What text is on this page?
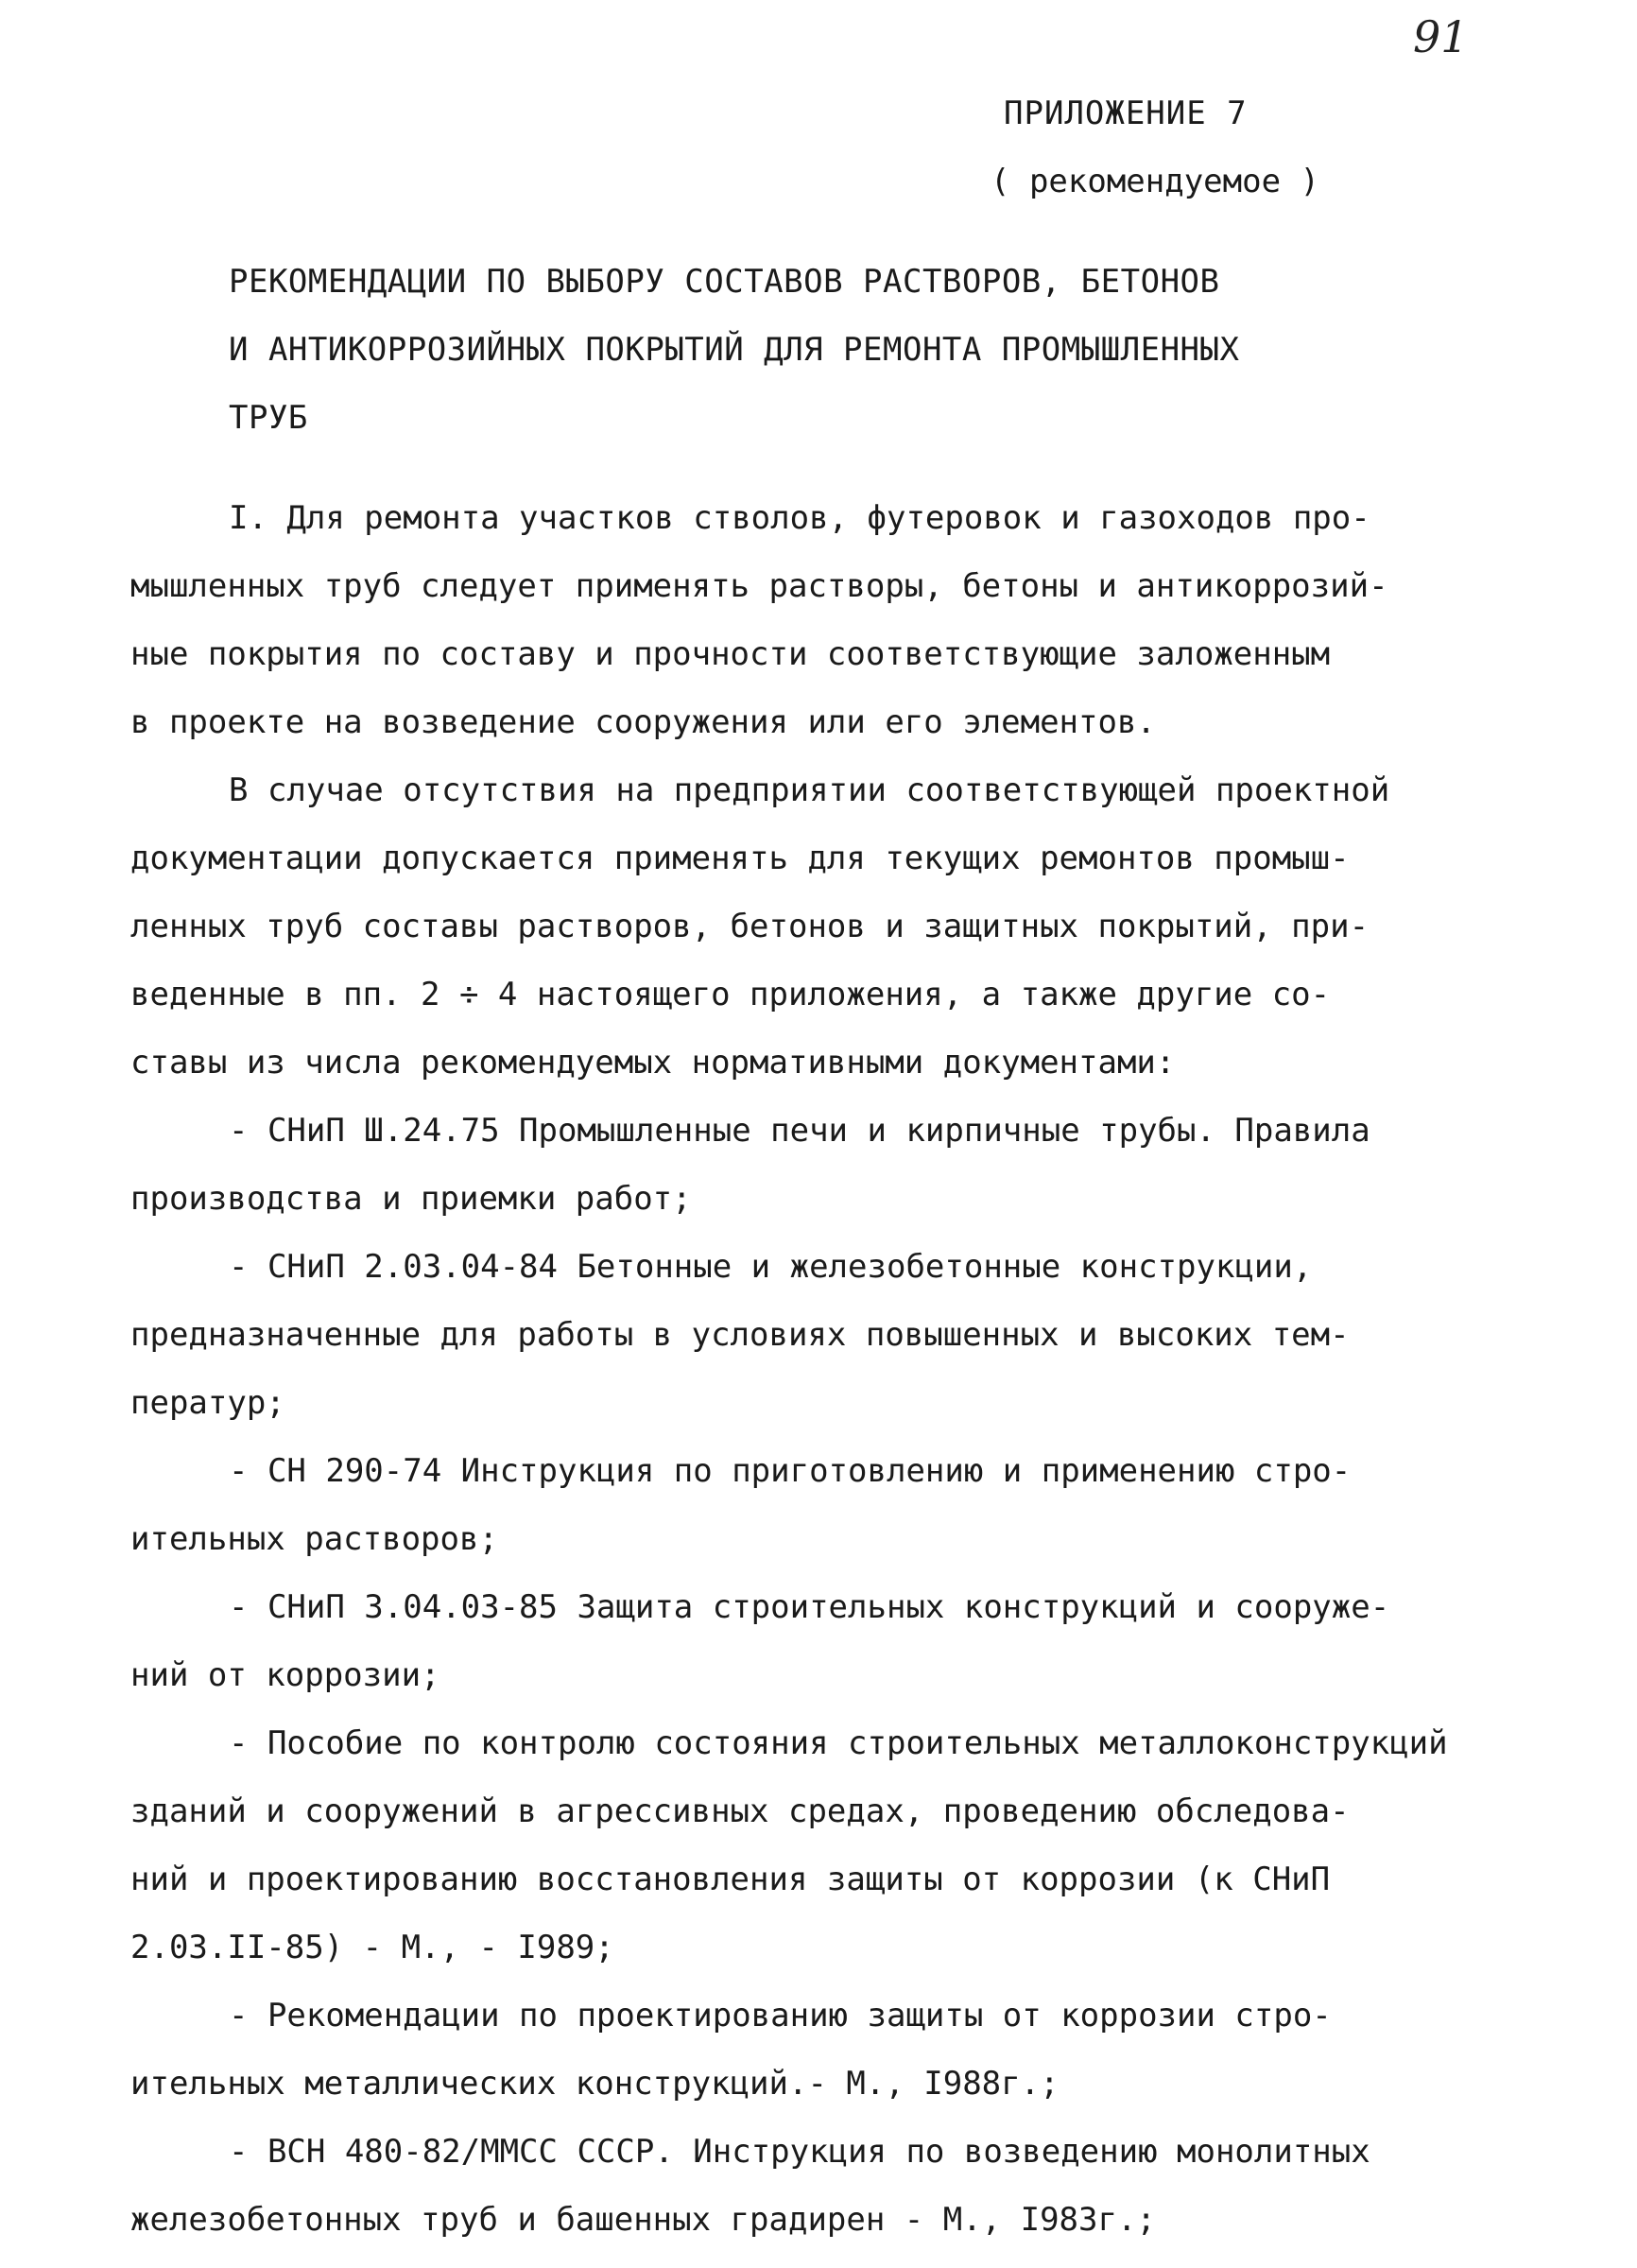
91
ПРИЛОЖЕНИЕ 7
( рекомендуемое )
РЕКОМЕНДАЦИИ ПО ВЫБОРУ СОСТАВОВ РАСТВОРОВ, БЕТОНОВ
И АНТИКОРРОЗИЙНЫХ ПОКРЫТИЙ ДЛЯ РЕМОНТА ПРОМЫШЛЕННЫХ
ТРУБ
I. Для ремонта участков стволов, футеровок и газоходов про-
мышленных труб следует применять растворы, бетоны и антикоррозий-
ные покрытия по составу и прочности соответствующие заложенным
в проекте на возведение сооружения или его элементов.
В случае отсутствия на предприятии соответствующей проектной
документации допускается применять для текущих ремонтов промыш-
ленных труб составы растворов, бетонов и защитных покрытий, при-
веденные в пп. 2 ÷ 4 настоящего приложения, а также другие со-
ставы из числа рекомендуемых нормативными документами:
- СНиП Ш.24.75 Промышленные печи и кирпичные трубы. Правила
производства и приемки работ;
- СНиП 2.03.04-84 Бетонные и железобетонные конструкции,
предназначенные для работы в условиях повышенных и высоких тем-
ператур;
- СН 290-74 Инструкция по приготовлению и применению стро-
ительных растворов;
- СНиП 3.04.03-85 Защита строительных конструкций и сооруже-
ний от коррозии;
- Пособие по контролю состояния строительных металлоконструкций
зданий и сооружений в агрессивных средах, проведению обследова-
ний и проектированию восстановления защиты от коррозии (к СНиП
2.03.II-85) - М., - I989;
- Рекомендации по проектированию защиты от коррозии стро-
ительных металлических конструкций.- М., I988г.;
- ВСН 480-82/ММСС СССР. Инструкция по возведению монолитных
железобетонных труб и башенных градирен - М., I983г.;
